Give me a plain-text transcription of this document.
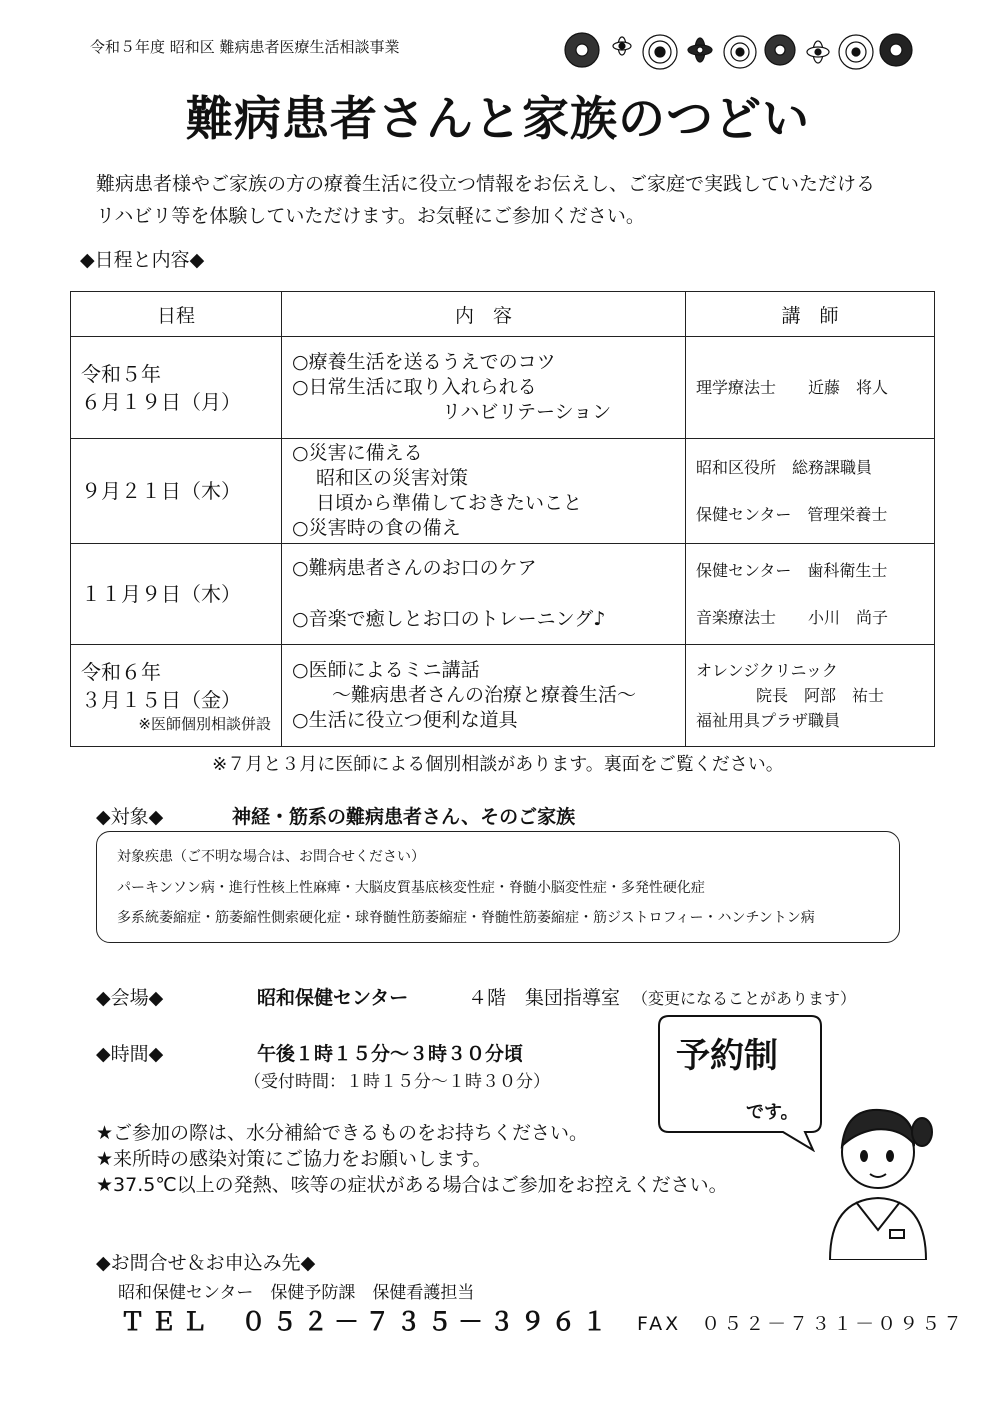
令和５年度 昭和区 難病患者医療生活相談事業
難病患者さんと家族のつどい
難病患者様やご家族の方の療養生活に役立つ情報をお伝えし、ご家庭で実践していただける
リハビリ等を体験していただけます。お気軽にご参加ください。
◆日程と内容◆
日程	内　容	講　師

令和５年
６月１９日（月）	○療養生活を送るうえでのコツ
○日常生活に取り入れられる
リハビリテーション	理学療法士　　近藤　将人

９月２１日（木）	○災害に備える
昭和区の災害対策
日頃から準備しておきたいこと
○災害時の食の備え	昭和区役所　総務課職員
保健センター　管理栄養士

１１月９日（木）	○難病患者さんのお口のケア
○音楽で癒しとお口のトレーニング♪	保健センター　歯科衛生士
音楽療法士　　小川　尚子

令和６年
３月１５日（金）
※医師個別相談併設	○医師によるミニ講話
～難病患者さんの治療と療養生活～
○生活に役立つ便利な道具	オレンジクリニック
院長　阿部　祐士
福祉用具プラザ職員
※７月と３月に医師による個別相談があります。裏面をご覧ください。
◆対象◆	神経・筋系の難病患者さん、そのご家族
対象疾患（ご不明な場合は、お問合せください）
パーキンソン病・進行性核上性麻痺・大脳皮質基底核変性症・脊髄小脳変性症・多発性硬化症
多系統萎縮症・筋萎縮性側索硬化症・球脊髄性筋萎縮症・脊髄性筋萎縮症・筋ジストロフィー・ハンチントン病
◆会場◆	昭和保健センター	４階　集団指導室 （変更になることがあります）
◆時間◆	午後１時１５分～３時３０分頃
（受付時間：１時１５分～１時３０分）
予約制
です。
★ご参加の際は、水分補給できるものをお持ちください。
★来所時の感染対策にご協力をお願いします。
★37.5℃以上の発熱、咳等の症状がある場合はご参加をお控えください。
◆お問合せ＆お申込み先◆
昭和保健センター　保健予防課　保健看護担当
ＴＥＬ ０５２－７３５－３９６１ FAX ０５２－７３１－０９５７
